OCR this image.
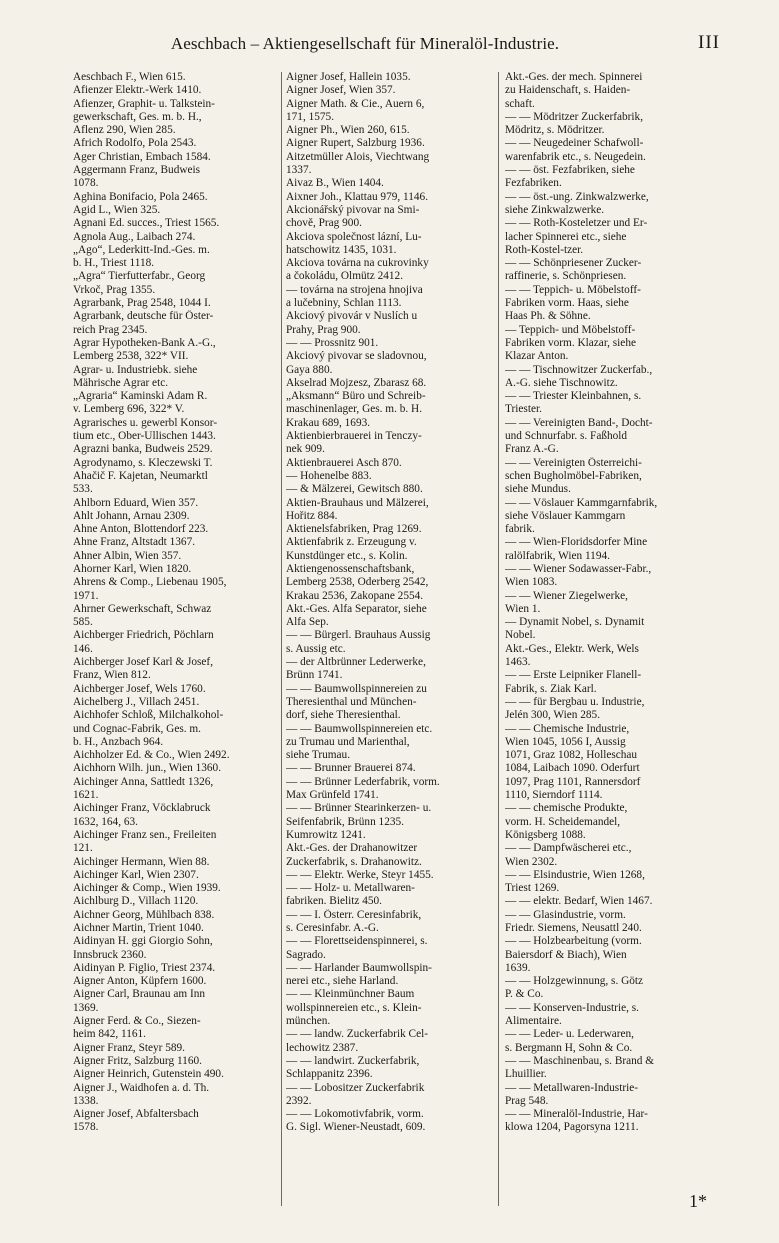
Aeschbach – Aktiengesellschaft für Mineralöl-Industrie.	III
Aeschbach F., Wien 615.
Afienzer Elektr.-Werk 1410.
Afienzer, Graphit- u. Talkstein-
gewerkschaft, Ges. m. b. H.,
Aflenz 290, Wien 285.
Africh Rodolfo, Pola 2543.
Ager Christian, Embach 1584.
Aggermann Franz, Budweis
1078.
Aghina Bonifacio, Pola 2465.
Agid L., Wien 325.
Agnani Ed. succes., Triest 1565.
Agnola Aug., Laibach 274.
„Ago“, Lederkitt-Ind.-Ges. m.
b. H., Triest 1118.
„Agra“ Tierfutterfabr., Georg
Vrkoč, Prag 1355.
Agrarbank, Prag 2548, 1044 I.
Agrarbank, deutsche für Öster-
reich Prag 2345.
Agrar Hypotheken-Bank A.-G.,
Lemberg 2538, 322* VII.
Agrar- u. Industriebk. siehe
Mährische Agrar etc.
„Agraria“ Kaminski Adam R.
v. Lemberg 696, 322* V.
Agrarisches u. gewerbl Konsor-
tium etc., Ober-Ullischen 1443.
Agrazni banka, Budweis 2529.
Agrodynamo, s. Kleczewski T.
Ahačič F. Kajetan, Neumarktl
533.
Ahlborn Eduard, Wien 357.
Ahlt Johann, Arnau 2309.
Ahne Anton, Blottendorf 223.
Ahne Franz, Altstadt 1367.
Ahner Albin, Wien 357.
Ahorner Karl, Wien 1820.
Ahrens & Comp., Liebenau 1905,
1971.
Ahrner Gewerkschaft, Schwaz
585.
Aichberger Friedrich, Pöchlarn
146.
Aichberger Josef Karl & Josef,
Franz, Wien 812.
Aichberger Josef, Wels 1760.
Aichelberg J., Villach 2451.
Aichhofer Schloß, Milchalkohol-
und Cognac-Fabrik, Ges. m.
b. H., Anzbach 964.
Aichholzer Ed. & Co., Wien 2492.
Aichhorn Wilh. jun., Wien 1360.
Aichinger Anna, Sattledt 1326,
1621.
Aichinger Franz, Vöcklabruck
1632, 164, 63.
Aichinger Franz sen., Freileiten
121.
Aichinger Hermann, Wien 88.
Aichinger Karl, Wien 2307.
Aichinger & Comp., Wien 1939.
Aichlburg D., Villach 1120.
Aichner Georg, Mühlbach 838.
Aichner Martin, Trient 1040.
Aidinyan H. ggi Giorgio Sohn,
Innsbruck 2360.
Aidinyan P. Figlio, Triest 2374.
Aigner Anton, Küpfern 1600.
Aigner Carl, Braunau am Inn
1369.
Aigner Ferd. & Co., Siezen-
heim 842, 1161.
Aigner Franz, Steyr 589.
Aigner Fritz, Salzburg 1160.
Aigner Heinrich, Gutenstein 490.
Aigner J., Waidhofen a. d. Th.
1338.
Aigner Josef, Abfaltersbach
1578.
Aigner Josef, Hallein 1035.
Aigner Josef, Wien 357.
Aigner Math. & Cie., Auern 6,
171, 1575.
Aigner Ph., Wien 260, 615.
Aigner Rupert, Salzburg 1936.
Aitzetmüller Alois, Viechtwang
1337.
Aivaz B., Wien 1404.
Aixner Joh., Klattau 979, 1146.
Akcionářský pivovar na Smi-
chově, Prag 900.
Akciova společnost lázní, Lu-
hatschowitz 1435, 1031.
Akciova továrna na cukrovinky
a čokoládu, Olmütz 2412.
— továrna na strojena hnojiva
a lučebniny, Schlan 1113.
Akciový pivovár v Nuslích u
Prahy, Prag 900.
— — Prossnitz 901.
Akciový pivovar se sladovnou,
Gaya 880.
Akselrad Mojzesz, Zbarasz 68.
„Aksmann“ Büro und Schreib-
maschinenlager, Ges. m. b. H.
Krakau 689, 1693.
Aktienbierbrauerei in Tenczy-
nek 909.
Aktienbrauerei Asch 870.
— Hohenelbe 883.
— & Mälzerei, Gewitsch 880.
Aktien-Brauhaus und Mälzerei,
Hořitz 884.
Aktienelsfabriken, Prag 1269.
Aktienfabrik z. Erzeugung v.
Kunstdünger etc., s. Kolin.
Aktiengenossenschaftsbank,
Lemberg 2538, Oderberg 2542,
Krakau 2536, Zakopane 2554.
Akt.-Ges. Alfa Separator, siehe
Alfa Sep.
— — Bürgerl. Brauhaus Aussig
s. Aussig etc.
— der Altbrünner Lederwerke,
Brünn 1741.
— — Baumwollspinnereien zu
Theresienthal und München-
dorf, siehe Theresienthal.
— — Baumwollspinnereien etc.
zu Trumau und Marienthal,
siehe Trumau.
— — Brunner Brauerei 874.
— — Brünner Lederfabrik, vorm.
Max Grünfeld 1741.
— — Brünner Stearinkerzen- u.
Seifenfabrik, Brünn 1235.
Kumrowitz 1241.
Akt.-Ges. der Drahanowitzer
Zuckerfabrik, s. Drahanowitz.
— — Elektr. Werke, Steyr 1455.
— — Holz- u. Metallwaren-
fabriken. Bielitz 450.
— — I. Österr. Ceresinfabrik,
s. Ceresinfabr. A.-G.
— — Florettseidenspinnerei, s.
Sagrado.
— — Harlander Baumwollspin-
nerei etc., siehe Harland.
— — Kleinmünchner Baum
wollspinnereien etc., s. Klein-
münchen.
— — landw. Zuckerfabrik Cel-
lechowitz 2387.
— — landwirt. Zuckerfabrik,
Schlappanitz 2396.
— — Lobositzer Zuckerfabrik
2392.
— — Lokomotivfabrik, vorm.
G. Sigl. Wiener-Neustadt, 609.
Akt.-Ges. der mech. Spinnerei
zu Haidenschaft, s. Haiden-
schaft.
— — Mödritzer Zuckerfabrik,
Mödritz, s. Mödritzer.
— — Neugedeiner Schafwoll-
warenfabrik etc., s. Neugedein.
— — öst. Fezfabriken, siehe
Fezfabriken.
— — öst.-ung. Zinkwalzwerke,
siehe Zinkwalzwerke.
— — Roth-Kosteletzer und Er-
lacher Spinnerei etc., siehe
Roth-Kostel-tzer.
— — Schönpriesener Zucker-
raffinerie, s. Schönpriesen.
— — Teppich- u. Möbelstoff-
Fabriken vorm. Haas, siehe
Haas Ph. & Söhne.
— Teppich- und Möbelstoff-
Fabriken vorm. Klazar, siehe
Klazar Anton.
— — Tischnowitzer Zuckerfab.,
A.-G. siehe Tischnowitz.
— — Triester Kleinbahnen, s.
Triester.
— — Vereinigten Band-, Docht-
und Schnurfabr. s. Faßhold
Franz A.-G.
— — Vereinigten Österreichi-
schen Bugholmöbel-Fabriken,
siehe Mundus.
— — Vöslauer Kammgarnfabrik,
siehe Vöslauer Kammgarn
fabrik.
— — Wien-Floridsdorfer Mine
ralölfabrik, Wien 1194.
— — Wiener Sodawasser-Fabr.,
Wien 1083.
— — Wiener Ziegelwerke,
Wien 1.
— Dynamit Nobel, s. Dynamit
Nobel.
Akt.-Ges., Elektr. Werk, Wels
1463.
— — Erste Leipniker Flanell-
Fabrik, s. Ziak Karl.
— — für Bergbau u. Industrie,
Jelén 300, Wien 285.
— — Chemische Industrie,
Wien 1045, 1056 I, Aussig
1071, Graz 1082, Holleschau
1084, Laibach 1090. Oderfurt
1097, Prag 1101, Rannersdorf
1110, Sierndorf 1114.
— — chemische Produkte,
vorm. H. Scheidemandel,
Königsberg 1088.
— — Dampfwäscherei etc.,
Wien 2302.
— — Elsindustrie, Wien 1268,
Triest 1269.
— — elektr. Bedarf, Wien 1467.
— — Glasindustrie, vorm.
Friedr. Siemens, Neusattl 240.
— — Holzbearbeitung (vorm.
Baiersdorf & Biach), Wien
1639.
— — Holzgewinnung, s. Götz
P. & Co.
— — Konserven-Industrie, s.
Alimentaire.
— — Leder- u. Lederwaren,
s. Bergmann H, Sohn & Co.
— — Maschinenbau, s. Brand &
Lhuillier.
— — Metallwaren-Industrie-
Prag 548.
— — Mineralöl-Industrie, Har-
klowa 1204, Pagorsyna 1211.
1*
